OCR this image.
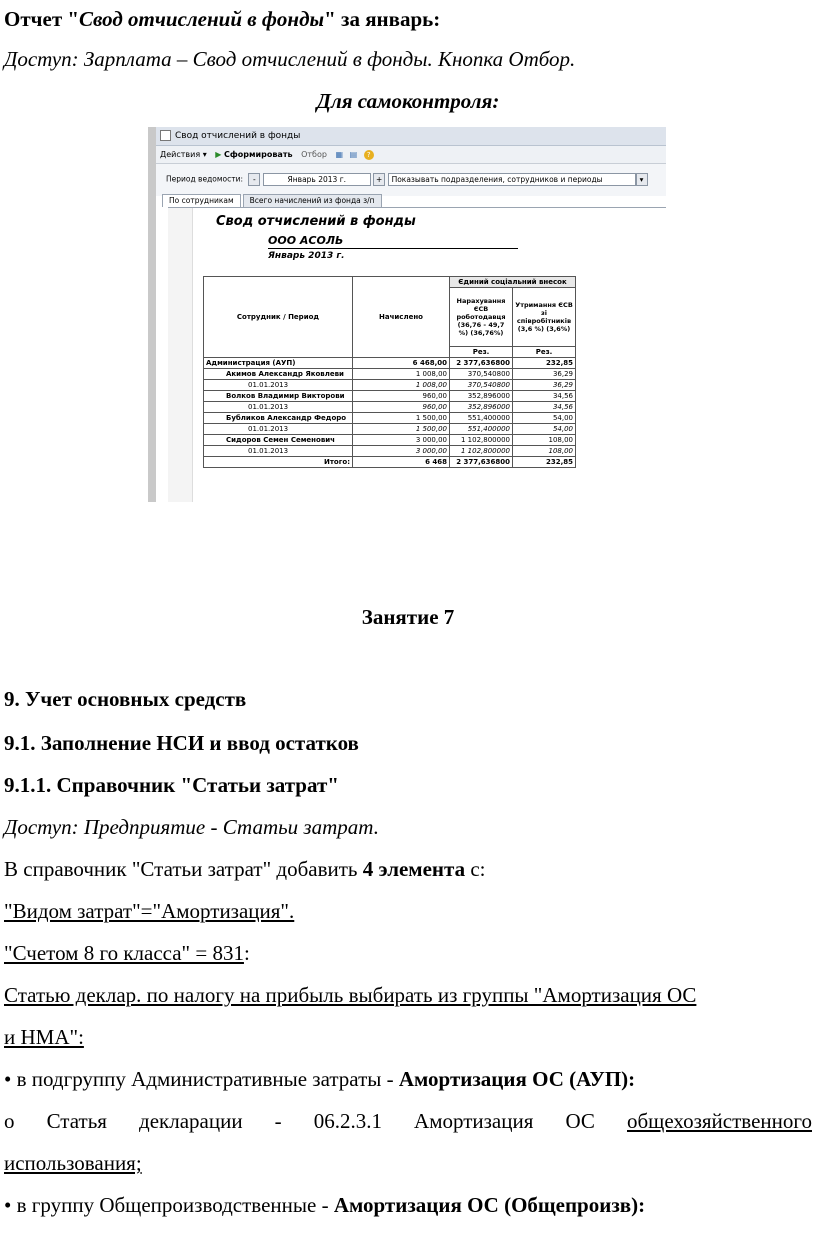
Отчет "Свод отчислений в фонды" за январь:
Доступ: Зарплата – Свод отчислений в фонды. Кнопка Отбор.
Для самоконтроля:
Свод отчислений в фонды
Действия ▾ ▶ Сформировать Отбор ▦ ▤ ?
Период ведомости: -	Январь 2013 г.	+ Показывать подразделения, сотрудников и периоды	▾
По сотрудникам Всего начислений из фонда з/п
Свод отчислений в фонды
ООО АСОЛЬ
Январь 2013 г.
Сотрудник / Период	Начислено	Єдиний соціальний внесок	
		Нарахування ЄСВ роботодавця (36,76 - 49,7 %) (36,76%)	Утримання ЄСВ зі співробітників (3,6 %) (3,6%)
		Рез.	Рез.
Администрация (АУП)	6 468,00	2 377,636800	232,85
Акимов Александр Яковлеви	1 008,00	370,540800	36,29
01.01.2013	1 008,00	370,540800	36,29
Волков Владимир Викторови	960,00	352,896000	34,56
01.01.2013	960,00	352,896000	34,56
Бубликов Александр Федоро	1 500,00	551,400000	54,00
01.01.2013	1 500,00	551,400000	54,00
Сидоров Семен Семенович	3 000,00	1 102,800000	108,00
01.01.2013	3 000,00	1 102,800000	108,00
Итого:	6 468	2 377,636800	232,85
Занятие 7
9. Учет основных средств
9.1. Заполнение НСИ и ввод остатков
9.1.1. Справочник "Статьи затрат"
Доступ: Предприятие - Статьи затрат.
В справочник "Статьи затрат" добавить 4 элемента с:
"Видом затрат"="Амортизация".
"Счетом 8 го класса" = 831:
Статью деклар. по налогу на прибыль выбирать из группы "Амортизация ОС
и НМА":
• в подгруппу Административные затраты - Амортизация ОС (АУП):
о Статья декларации - 06.2.3.1 Амортизация ОС общехозяйственного
использования;
• в группу Общепроизводственные - Амортизация ОС (Общепроизв):
